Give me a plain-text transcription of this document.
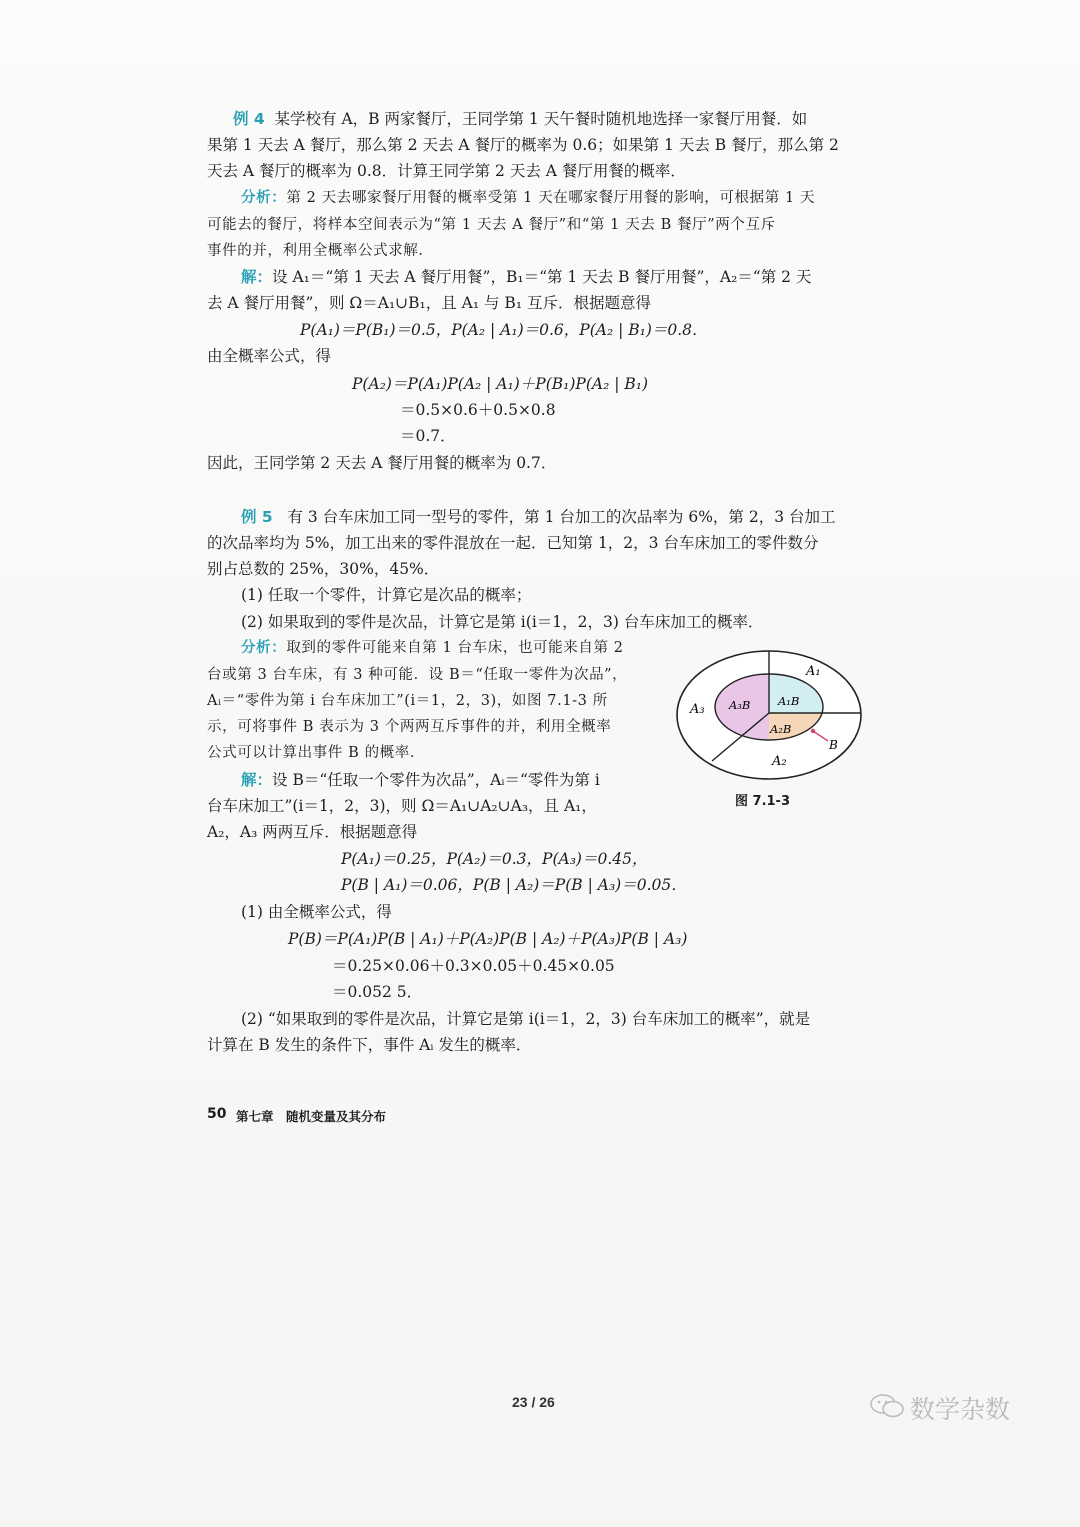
例 4 某学校有 A，B 两家餐厅，王同学第 1 天午餐时随机地选择一家餐厅用餐．如
果第 1 天去 A 餐厅，那么第 2 天去 A 餐厅的概率为 0.6；如果第 1 天去 B 餐厅，那么第 2
天去 A 餐厅的概率为 0.8．计算王同学第 2 天去 A 餐厅用餐的概率．
分析：第 2 天去哪家餐厅用餐的概率受第 1 天在哪家餐厅用餐的影响，可根据第 1 天
可能去的餐厅，将样本空间表示为“第 1 天去 A 餐厅”和“第 1 天去 B 餐厅”两个互斥
事件的并，利用全概率公式求解．
解：设 A₁＝“第 1 天去 A 餐厅用餐”，B₁＝“第 1 天去 B 餐厅用餐”，A₂＝“第 2 天
去 A 餐厅用餐”，则 Ω＝A₁∪B₁，且 A₁ 与 B₁ 互斥．根据题意得
P(A₁)＝P(B₁)＝0.5，P(A₂ | A₁)＝0.6，P(A₂ | B₁)＝0.8．
由全概率公式，得
P(A₂)＝P(A₁)P(A₂ | A₁)＋P(B₁)P(A₂ | B₁)
＝0.5×0.6＋0.5×0.8
＝0.7．
因此，王同学第 2 天去 A 餐厅用餐的概率为 0.7．
例 5 有 3 台车床加工同一型号的零件，第 1 台加工的次品率为 6%，第 2，3 台加工
的次品率均为 5%，加工出来的零件混放在一起．已知第 1，2，3 台车床加工的零件数分
别占总数的 25%，30%，45%．
(1) 任取一个零件，计算它是次品的概率；
(2) 如果取到的零件是次品，计算它是第 i(i＝1，2，3) 台车床加工的概率．
分析：取到的零件可能来自第 1 台车床，也可能来自第 2
台或第 3 台车床，有 3 种可能．设 B＝“任取一零件为次品”，
Aᵢ＝“零件为第 i 台车床加工”(i＝1，2，3)，如图 7.1-3 所
示，可将事件 B 表示为 3 个两两互斥事件的并，利用全概率
公式可以计算出事件 B 的概率．
解：设 B＝“任取一个零件为次品”，Aᵢ＝“零件为第 i
台车床加工”(i＝1，2，3)，则 Ω＝A₁∪A₂∪A₃，且 A₁，
A₂，A₃ 两两互斥．根据题意得
P(A₁)＝0.25，P(A₂)＝0.3，P(A₃)＝0.45，
P(B | A₁)＝0.06，P(B | A₂)＝P(B | A₃)＝0.05．
(1) 由全概率公式，得
P(B)＝P(A₁)P(B | A₁)＋P(A₂)P(B | A₂)＋P(A₃)P(B | A₃)
＝0.25×0.06＋0.3×0.05＋0.45×0.05
＝0.052 5．
(2) “如果取到的零件是次品，计算它是第 i(i＝1，2，3) 台车床加工的概率”，就是
计算在 B 发生的条件下，事件 Aᵢ 发生的概率．
A₁
A₃
A₂
A₃B A₁B
A₂B
B
图 7.1-3
50 第七章　随机变量及其分布
23 / 26	数学杂数
